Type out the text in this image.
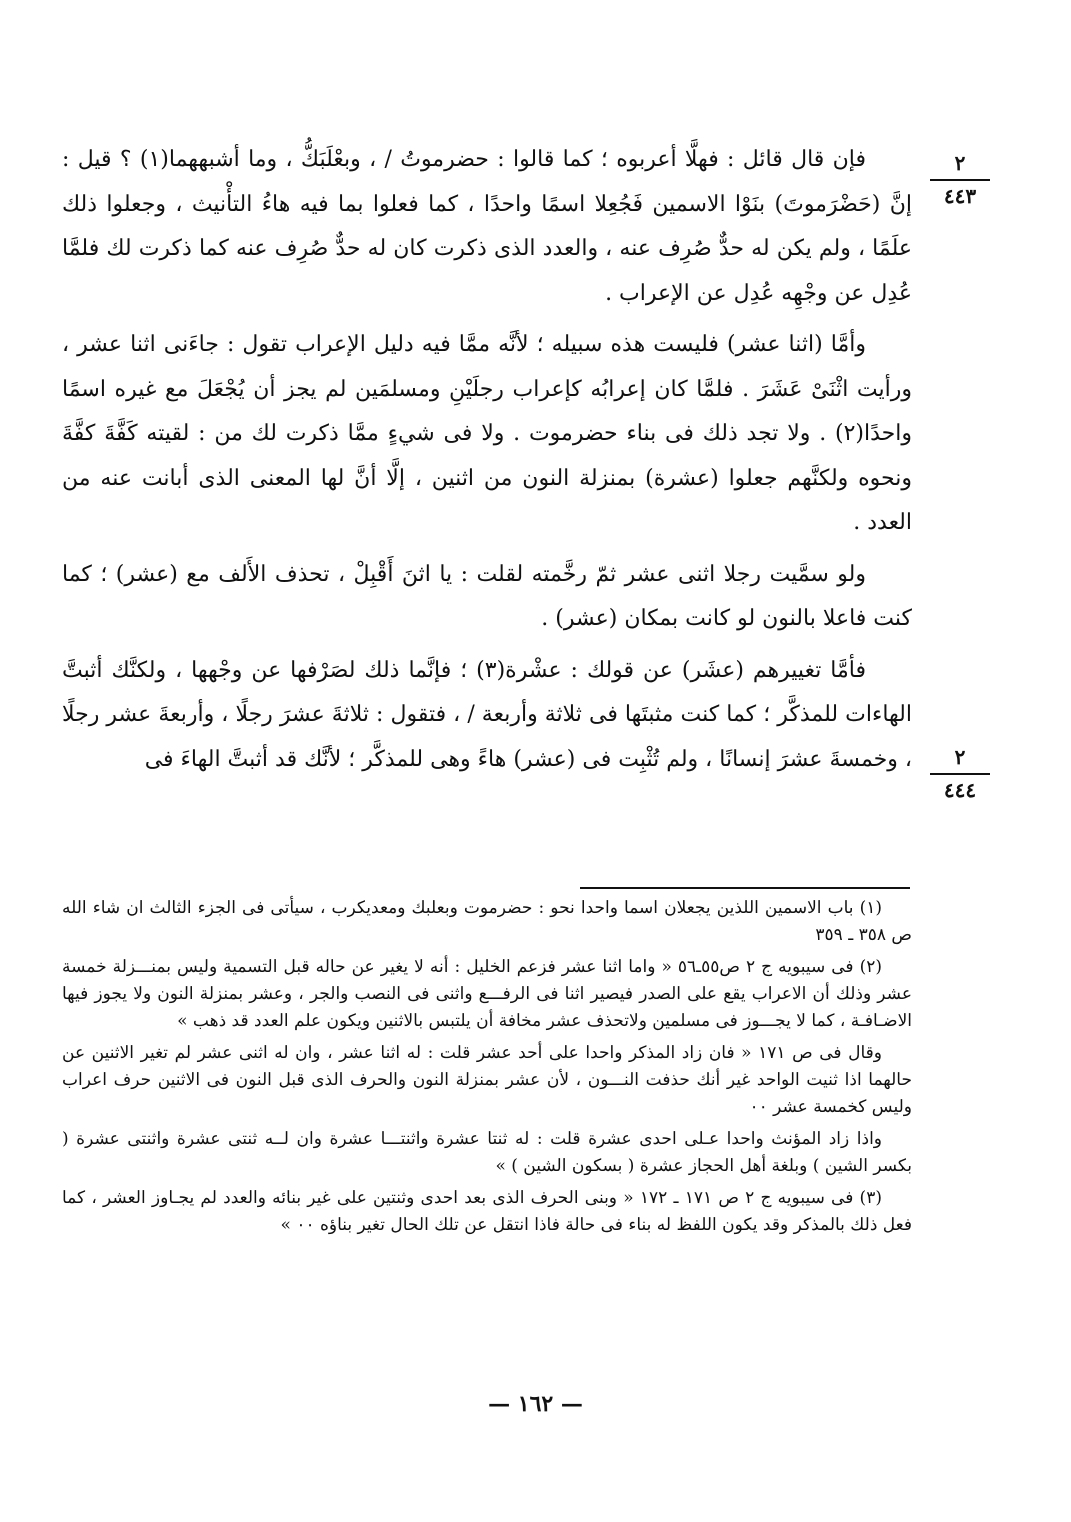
٢
٤٤٣
٢
٤٤٤

فإن قال قائل : فهلَّا أعربوه ؛ كما قالوا : حضرموتُ / ، وبعْلَبَكُّ ، وما أشبههما(١) ؟ قيل : إنَّ (حَضْرَموتَ) بنَوْا الاسمين فَجُعِلا اسمًا واحدًا ، كما فعلوا بما فيه هاءُ التأْنيث ، وجعلوا ذلك علَمًا ، ولم يكن له حدٌّ صُرِف عنه ، والعدد الذى ذكرت كان له حدٌّ صُرِف عنه كما ذكرت لك فلمَّا عُدِل عن وجْهِه عُدِل عن الإعراب .

وأمَّا (اثنا عشر) فليست هذه سبيله ؛ لأنَّه ممَّا فيه دليل الإعراب تقول : جاءَنى اثنا عشر ، ورأيت اثْنَىْ عَشَرَ . فلمَّا كان إعرابُه كإعراب رجلَيْنِ ومسلمَين لم يجز أن يُجْعَلَ مع غيره اسمًا واحدًا(٢) . ولا تجد ذلك فى بناء حضرموت . ولا فى شيءٍ ممَّا ذكرت لك من : لقيته كَفَّةَ كفَّةَ ونحوه ولكنَّهم جعلوا (عشرة) بمنزلة النون من اثنين ، إلَّا أنَّ لها المعنى الذى أبانت عنه من العدد .

ولو سمَّيت رجلا اثنى عشر ثمّ رخَّمته لقلت : يا اثنَ أَقْبِلْ ، تحذف الأَلف مع (عشر) ؛ كما كنت فاعلا بالنون لو كانت بمكان (عشر) .

فأمَّا تغييرهم (عشَر) عن قولك : عشْرة(٣) ؛ فإنَّما ذلك لصَرْفها عن وجْهها ، ولكنَّك أثبتَّ الهاءات للمذكَّر ؛ كما كنت مثبتَها فى ثلاثة وأربعة / ، فتقول : ثلاثةَ عشرَ رجلًا ، وأربعةَ عشر رجلًا ، وخمسةَ عشرَ إنسانًا ، ولم تُثْبِت فى (عشر) هاءً وهى للمذكَّر ؛ لأنَّك قد أثبتَّ الهاءَ فى

(١) باب الاسمين اللذين يجعلان اسما واحدا نحو : حضرموت وبعلبك ومعديكرب ، سيأتى فى الجزء الثالث ان شاء الله ص ٣٥٨ ـ ٣٥٩

(٢) فى سيبويه ج ٢ ص٥٥ـ٥٦ « واما اثنا عشر فزعم الخليل : أنه لا يغير عن حاله قبل التسمية وليس بمنـــزلة خمسة عشر وذلك أن الاعراب يقع على الصدر فيصير اثنا فى الرفـــع واثنى فى النصب والجر ، وعشر بمنزلة النون ولا يجوز فيها الاضـافـة ، كما لا يجـــوز فى مسلمين ولاتحذف عشر مخافة أن يلتبس بالاثنين ويكون علم العدد قد ذهب »

وقال فى ص ١٧١ « فان زاد المذكر واحدا على أحد عشر قلت : له اثنا عشر ، وان له اثنى عشر لم تغير الاثنين عن حالهما اذا ثنيت الواحد غير أنك حذفت النـــون ، لأن عشر بمنزلة النون والحرف الذى قبل النون فى الاثنين حرف اعراب وليس كخمسة عشر ٠٠

واذا زاد المؤنث واحدا عـلى احدى عشرة قلت : له ثنتا عشرة واثنتـــا عشرة وان لــه ثنتى عشرة واثنتى عشرة ( بكسر الشين ) وبلغة أهل الحجاز عشرة ( بسكون الشين ) »

(٣) فى سيبويه ج ٢ ص ١٧١ ـ ١٧٢ « وبنى الحرف الذى بعد احدى وثنتين على غير بنائه والعدد لم يجـاوز العشر ، كما فعل ذلك بالمذكر وقد يكون اللفظ له بناء فى حالة فاذا انتقل عن تلك الحال تغير بناؤه ٠٠ »

— ١٦٢ —
